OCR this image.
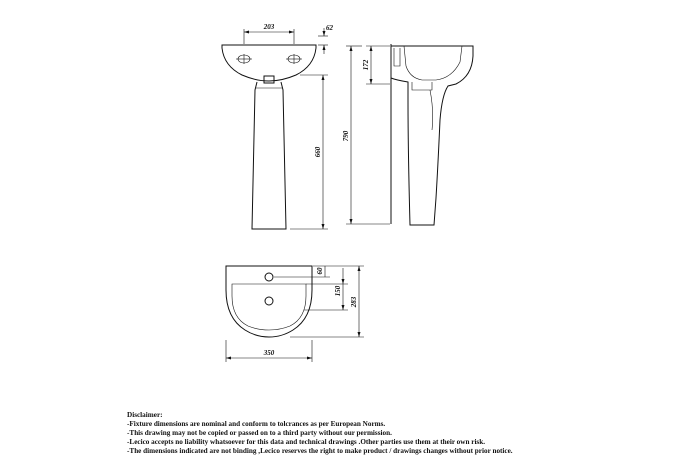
203	62
660
172
790
60
150
283
350
Disclaimer:
-Fixture dimensions are nominal and conform to tolcrances as per European Norms.
-This drawing may not be copied or passed on to a third party without our permission.
-Lecico accepts no liability whatsoever for this data and technical drawings .Other parties use them at their own risk.
-The dimensions indicated are not binding ,Lecico reserves the right to make product / drawings changes without prior notice.
